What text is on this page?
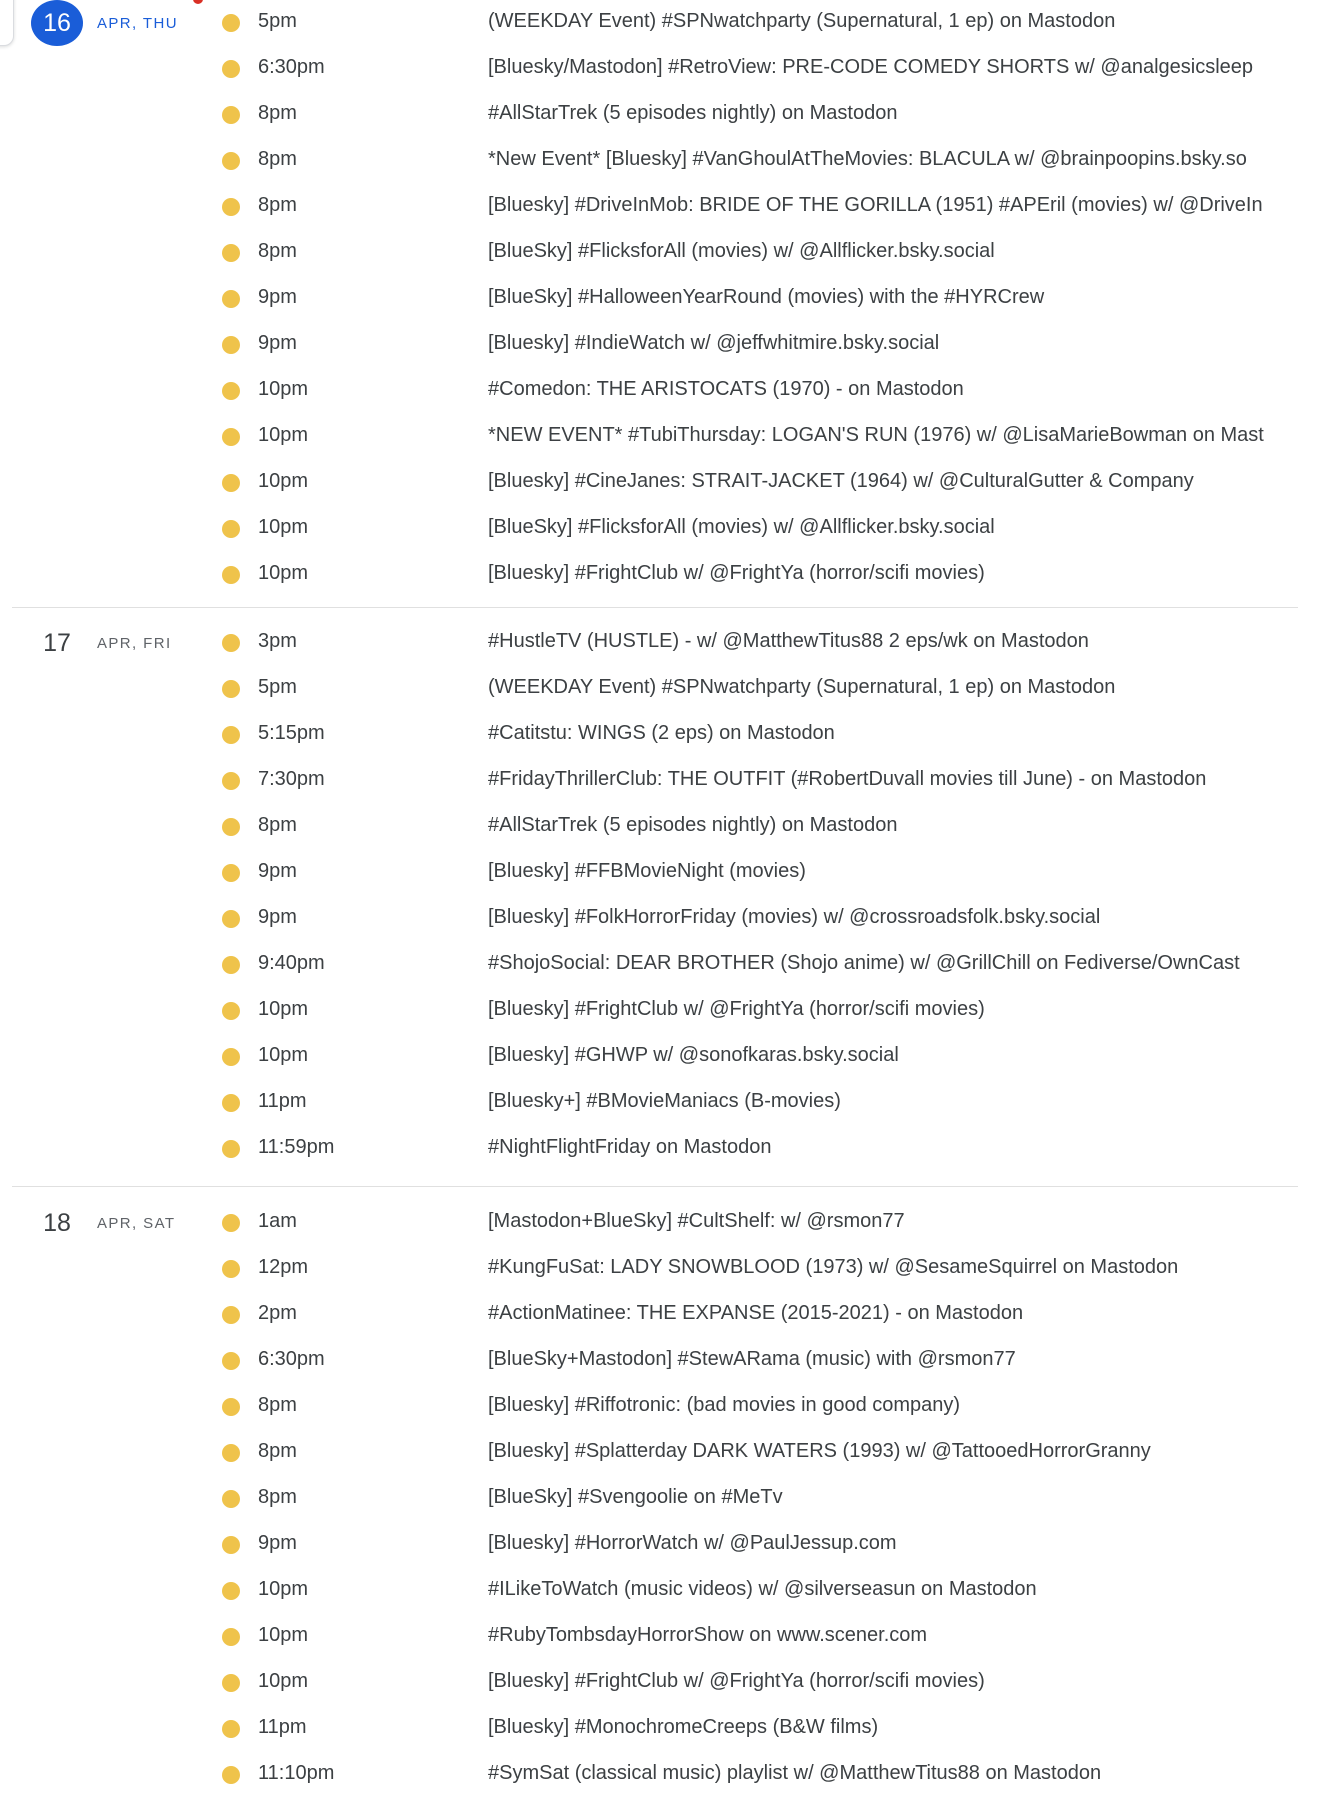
16	APR, THU	5pm	(WEEKDAY Event) #SPNwatchparty (Supernatural, 1 ep) on Mastodon
6:30pm	[Bluesky/Mastodon] #RetroView: PRE-CODE COMEDY SHORTS w/ @analgesicsleep
8pm	#AllStarTrek (5 episodes nightly) on Mastodon
8pm	*New Event* [Bluesky] #VanGhoulAtTheMovies: BLACULA w/ @brainpoopins.bsky.so
8pm	[Bluesky] #DriveInMob: BRIDE OF THE GORILLA (1951) #APEril (movies) w/ @DriveIn
8pm	[BlueSky] #FlicksforAll (movies) w/ @Allflicker.bsky.social
9pm	[BlueSky] #HalloweenYearRound (movies) with the #HYRCrew
9pm	[Bluesky] #IndieWatch w/ @jeffwhitmire.bsky.social
10pm	#Comedon: THE ARISTOCATS (1970) - on Mastodon
10pm	*NEW EVENT* #TubiThursday: LOGAN'S RUN (1976) w/ @LisaMarieBowman on Mast
10pm	[Bluesky] #CineJanes: STRAIT-JACKET (1964) w/ @CulturalGutter & Company
10pm	[BlueSky] #FlicksforAll (movies) w/ @Allflicker.bsky.social
10pm	[Bluesky] #FrightClub w/ @FrightYa (horror/scifi movies)
17	APR, FRI	3pm	#HustleTV (HUSTLE) - w/ @MatthewTitus88 2 eps/wk on Mastodon
5pm	(WEEKDAY Event) #SPNwatchparty (Supernatural, 1 ep) on Mastodon
5:15pm	#Catitstu: WINGS (2 eps) on Mastodon
7:30pm	#FridayThrillerClub: THE OUTFIT (#RobertDuvall movies till June) - on Mastodon
8pm	#AllStarTrek (5 episodes nightly) on Mastodon
9pm	[Bluesky] #FFBMovieNight (movies)
9pm	[Bluesky] #FolkHorrorFriday (movies) w/ @crossroadsfolk.bsky.social
9:40pm	#ShojoSocial: DEAR BROTHER (Shojo anime) w/ @GrillChill on Fediverse/OwnCast
10pm	[Bluesky] #FrightClub w/ @FrightYa (horror/scifi movies)
10pm	[Bluesky] #GHWP w/ @sonofkaras.bsky.social
11pm	[Bluesky+] #BMovieManiacs (B-movies)
11:59pm	#NightFlightFriday on Mastodon
18	APR, SAT	1am	[Mastodon+BlueSky] #CultShelf: w/ @rsmon77
12pm	#KungFuSat: LADY SNOWBLOOD (1973) w/ @SesameSquirrel on Mastodon
2pm	#ActionMatinee: THE EXPANSE (2015-2021) - on Mastodon
6:30pm	[BlueSky+Mastodon] #StewARama (music) with @rsmon77
8pm	[Bluesky] #Riffotronic: (bad movies in good company)
8pm	[Bluesky] #Splatterday DARK WATERS (1993) w/ @TattooedHorrorGranny
8pm	[BlueSky] #Svengoolie on #MeTv
9pm	[Bluesky] #HorrorWatch w/ @PaulJessup.com
10pm	#ILikeToWatch (music videos) w/ @silverseasun on Mastodon
10pm	#RubyTombsdayHorrorShow on www.scener.com
10pm	[Bluesky] #FrightClub w/ @FrightYa (horror/scifi movies)
11pm	[Bluesky] #MonochromeCreeps (B&W films)
11:10pm	#SymSat (classical music) playlist w/ @MatthewTitus88 on Mastodon
